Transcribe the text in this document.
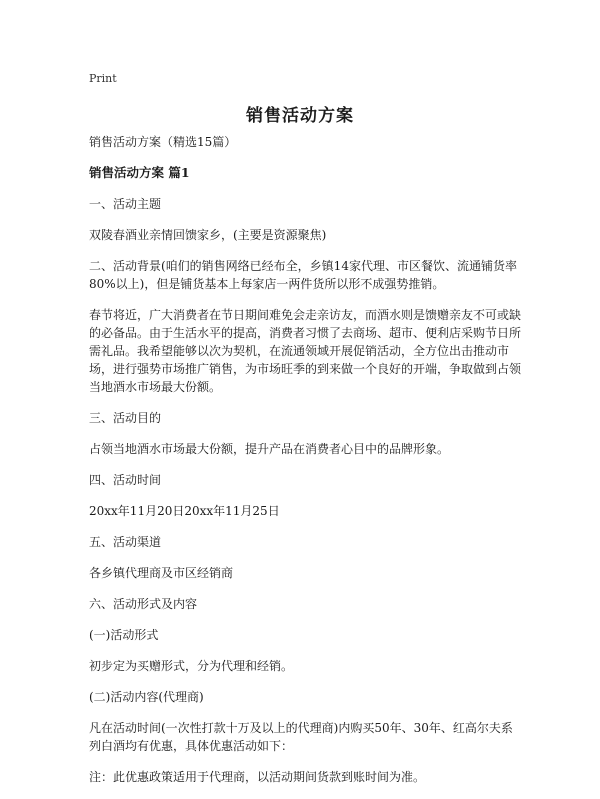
Print
销售活动方案

销售活动方案（精选15篇）

销售活动方案 篇1

一、活动主题

双陵春酒业亲情回馈家乡，(主要是资源聚焦)

二、活动背景(咱们的销售网络已经布全，乡镇14家代理、市区餐饮、流通铺货率80%以上)，但是铺货基本上每家店一两件货所以形不成强势推销。

春节将近，广大消费者在节日期间难免会走亲访友，而酒水则是馈赠亲友不可或缺的必备品。由于生活水平的提高，消费者习惯了去商场、超市、便利店采购节日所需礼品。我希望能够以次为契机，在流通领域开展促销活动，全方位出击推动市场，进行强势市场推广销售，为市场旺季的到来做一个良好的开端，争取做到占领当地酒水市场最大份额。

三、活动目的

占领当地酒水市场最大份额，提升产品在消费者心目中的品牌形象。

四、活动时间

20xx年11月20日20xx年11月25日

五、活动渠道

各乡镇代理商及市区经销商

六、活动形式及内容

(一)活动形式

初步定为买赠形式，分为代理和经销。

(二)活动内容(代理商)

凡在活动时间(一次性打款十万及以上的代理商)内购买50年、30年、红高尔夫系列白酒均有优惠，具体优惠活动如下：

注：此优惠政策适用于代理商，以活动期间货款到账时间为准。
